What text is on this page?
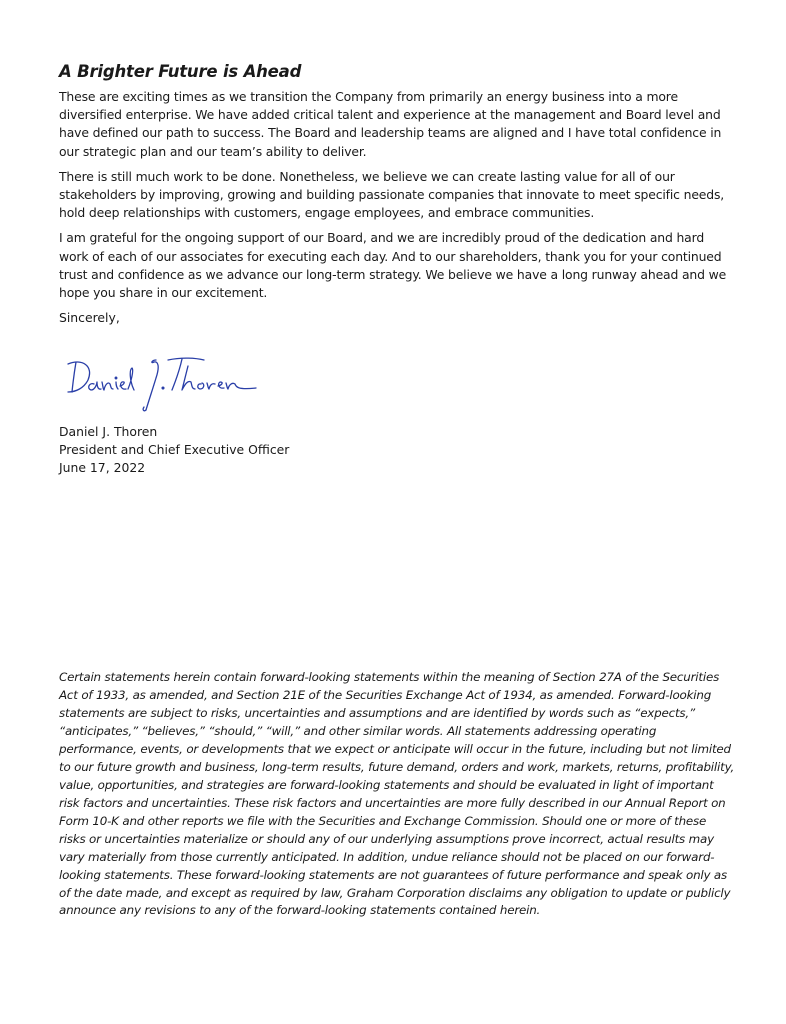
A Brighter Future is Ahead

These are exciting times as we transition the Company from primarily an energy business into a more diversified enterprise. We have added critical talent and experience at the management and Board level and have defined our path to success. The Board and leadership teams are aligned and I have total confidence in our strategic plan and our team’s ability to deliver.

There is still much work to be done. Nonetheless, we believe we can create lasting value for all of our stakeholders by improving, growing and building passionate companies that innovate to meet specific needs, hold deep relationships with customers, engage employees, and embrace communities.

I am grateful for the ongoing support of our Board, and we are incredibly proud of the dedication and hard work of each of our associates for executing each day. And to our shareholders, thank you for your continued trust and confidence as we advance our long-term strategy. We believe we have a long runway ahead and we hope you share in our excitement.

Sincerely,

Daniel J. Thoren
President and Chief Executive Officer
June 17, 2022

Certain statements herein contain forward-looking statements within the meaning of Section 27A of the Securities Act of 1933, as amended, and Section 21E of the Securities Exchange Act of 1934, as amended. Forward-looking statements are subject to risks, uncertainties and assumptions and are identified by words such as “expects,” “anticipates,” “believes,” “should,” “will,” and other similar words. All statements addressing operating performance, events, or developments that we expect or anticipate will occur in the future, including but not limited to our future growth and business, long-term results, future demand, orders and work, markets, returns, profitability, value, opportunities, and strategies are forward-looking statements and should be evaluated in light of important risk factors and uncertainties. These risk factors and uncertainties are more fully described in our Annual Report on Form 10-K and other reports we file with the Securities and Exchange Commission. Should one or more of these risks or uncertainties materialize or should any of our underlying assumptions prove incorrect, actual results may vary materially from those currently anticipated. In addition, undue reliance should not be placed on our forward-looking statements. These forward-looking statements are not guarantees of future performance and speak only as of the date made, and except as required by law, Graham Corporation disclaims any obligation to update or publicly announce any revisions to any of the forward-looking statements contained herein.
